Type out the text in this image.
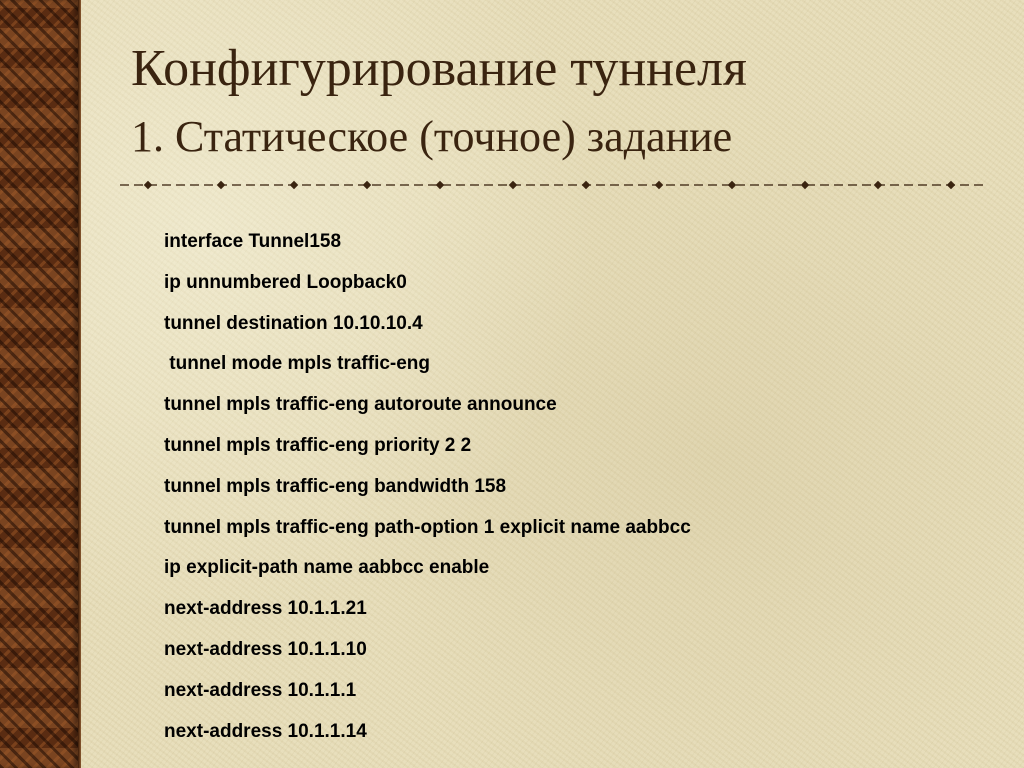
Конфигурирование туннеля
1. Статическое (точное) задание
interface Tunnel158
ip unnumbered Loopback0
tunnel destination 10.10.10.4
tunnel mode mpls traffic-eng
tunnel mpls traffic-eng autoroute announce
tunnel mpls traffic-eng priority 2 2
tunnel mpls traffic-eng bandwidth 158
tunnel mpls traffic-eng path-option 1 explicit name aabbcc
ip explicit-path name aabbcc enable
next-address 10.1.1.21
next-address 10.1.1.10
next-address 10.1.1.1
next-address 10.1.1.14
